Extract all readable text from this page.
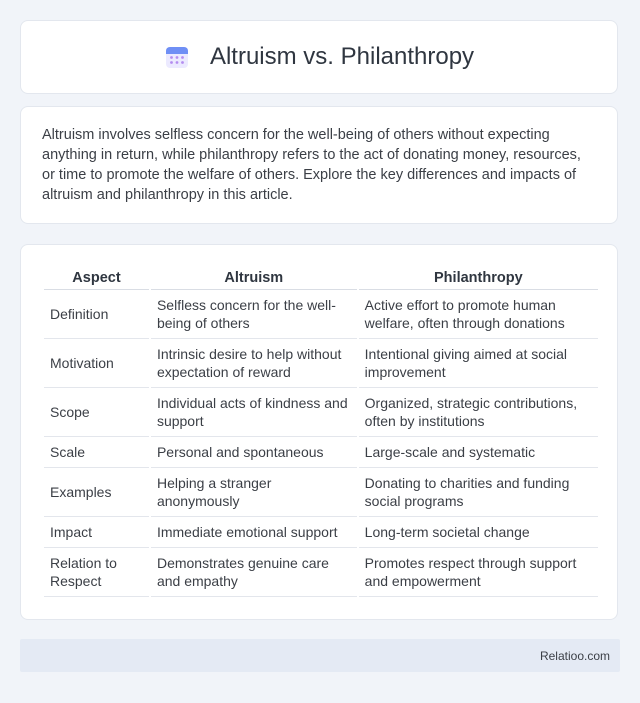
Altruism vs. Philanthropy

Altruism involves selfless concern for the well-being of others without expecting anything in return, while philanthropy refers to the act of donating money, resources, or time to promote the welfare of others. Explore the key differences and impacts of altruism and philanthropy in this article.

Aspect	Altruism	Philanthropy
Definition	Selfless concern for the well-being of others	Active effort to promote human welfare, often through donations
Motivation	Intrinsic desire to help without expectation of reward	Intentional giving aimed at social improvement
Scope	Individual acts of kindness and support	Organized, strategic contributions, often by institutions
Scale	Personal and spontaneous	Large-scale and systematic
Examples	Helping a stranger anonymously	Donating to charities and funding social programs
Impact	Immediate emotional support	Long-term societal change
Relation to Respect	Demonstrates genuine care and empathy	Promotes respect through support and empowerment
Relatioo.com
